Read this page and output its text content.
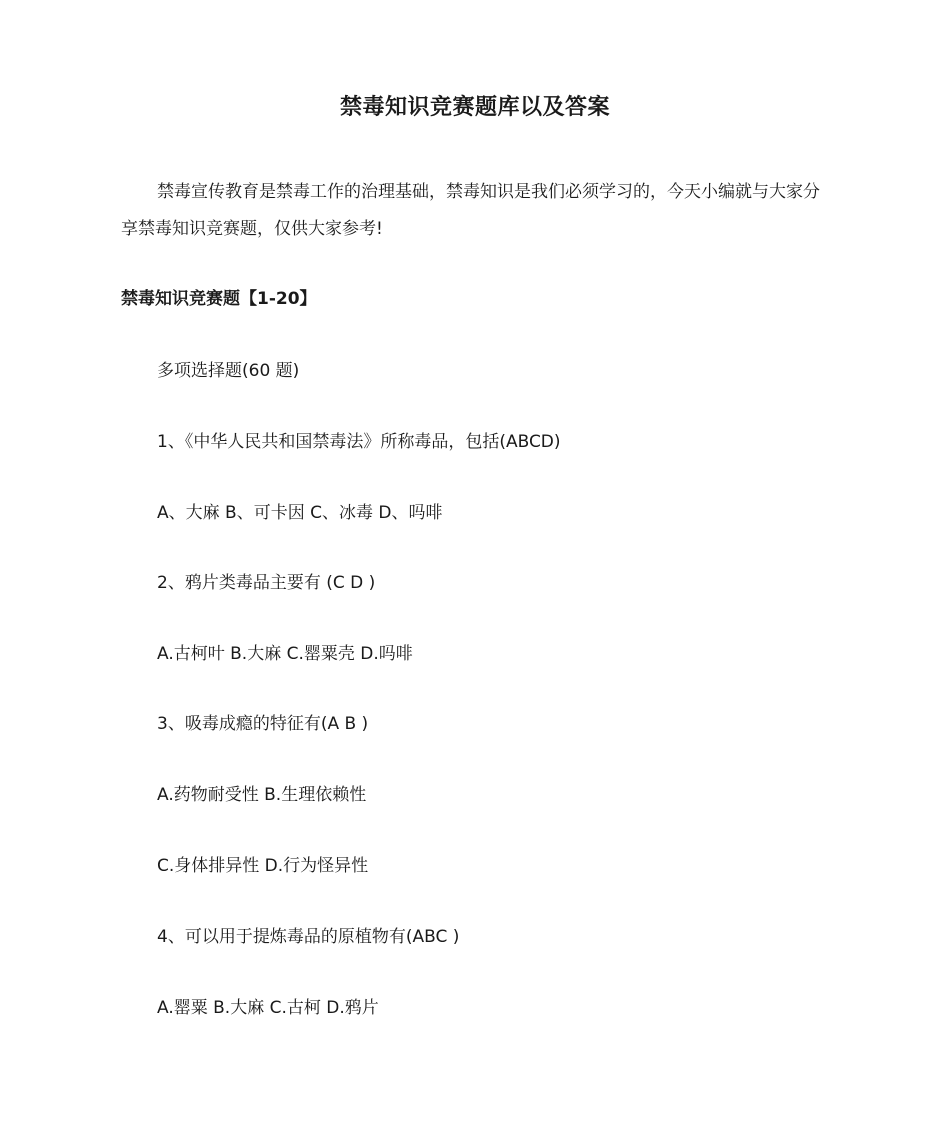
禁毒知识竞赛题库以及答案

禁毒宣传教育是禁毒工作的治理基础，禁毒知识是我们必须学习的，今天小编就与大家分享禁毒知识竞赛题，仅供大家参考!

禁毒知识竞赛题【1-20】

多项选择题(60 题)

1、《中华人民共和国禁毒法》所称毒品，包括(ABCD)

A、大麻 B、可卡因 C、冰毒 D、吗啡

2、鸦片类毒品主要有 (C D )

A.古柯叶 B.大麻 C.罂粟壳 D.吗啡

3、吸毒成瘾的特征有(A B )

A.药物耐受性 B.生理依赖性

C.身体排异性 D.行为怪异性

4、可以用于提炼毒品的原植物有(ABC )

A.罂粟 B.大麻 C.古柯 D.鸦片
